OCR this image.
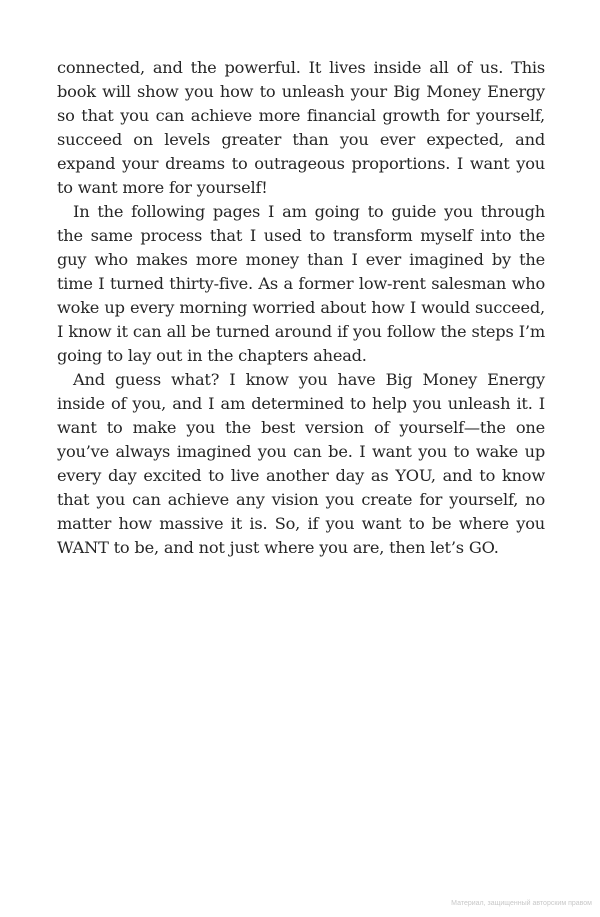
connected, and the powerful. It lives inside all of us. This book will show you how to unleash your Big Money Energy so that you can achieve more financial growth for yourself, succeed on levels greater than you ever expected, and expand your dreams to outrageous proportions. I want you to want more for yourself!

In the following pages I am going to guide you through the same process that I used to transform myself into the guy who makes more money than I ever imagined by the time I turned thirty-five. As a former low-rent salesman who woke up every morning worried about how I would succeed, I know it can all be turned around if you follow the steps I’m going to lay out in the chapters ahead.

And guess what? I know you have Big Money Energy inside of you, and I am determined to help you unleash it. I want to make you the best version of yourself—the one you’ve always imagined you can be. I want you to wake up every day excited to live another day as YOU, and to know that you can achieve any vision you create for yourself, no matter how massive it is. So, if you want to be where you WANT to be, and not just where you are, then let’s GO.

Материал, защищенный авторским правом
